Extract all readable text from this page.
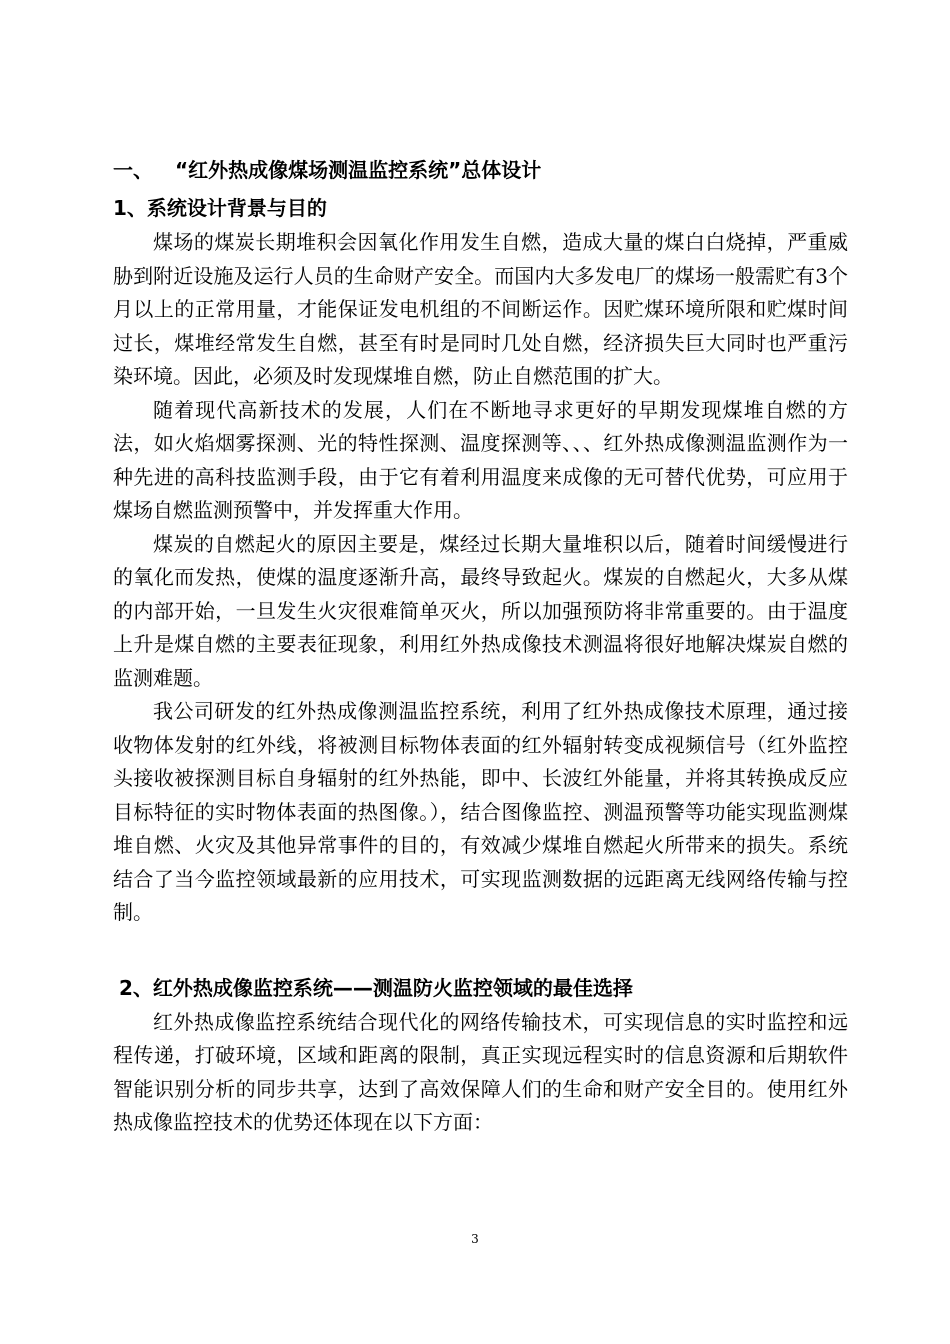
一、 “红外热成像煤场测温监控系统”总体设计
1、系统设计背景与目的

煤场的煤炭长期堆积会因氧化作用发生自燃，造成大量的煤白白烧掉，严重威胁到附近设施及运行人员的生命财产安全。而国内大多发电厂的煤场一般需贮有3个月以上的正常用量，才能保证发电机组的不间断运作。因贮煤环境所限和贮煤时间过长，煤堆经常发生自燃，甚至有时是同时几处自燃，经济损失巨大同时也严重污染环境。因此，必须及时发现煤堆自燃，防止自燃范围的扩大。

随着现代高新技术的发展，人们在不断地寻求更好的早期发现煤堆自燃的方法，如火焰烟雾探测、光的特性探测、温度探测等、、、红外热成像测温监测作为一种先进的高科技监测手段，由于它有着利用温度来成像的无可替代优势，可应用于煤场自燃监测预警中，并发挥重大作用。

煤炭的自燃起火的原因主要是，煤经过长期大量堆积以后，随着时间缓慢进行的氧化而发热，使煤的温度逐渐升高，最终导致起火。煤炭的自燃起火，大多从煤的内部开始，一旦发生火灾很难简单灭火，所以加强预防将非常重要的。由于温度上升是煤自燃的主要表征现象，利用红外热成像技术测温将很好地解决煤炭自燃的监测难题。

我公司研发的红外热成像测温监控系统，利用了红外热成像技术原理，通过接收物体发射的红外线，将被测目标物体表面的红外辐射转变成视频信号（红外监控头接收被探测目标自身辐射的红外热能，即中、长波红外能量，并将其转换成反应目标特征的实时物体表面的热图像。），结合图像监控、测温预警等功能实现监测煤堆自燃、火灾及其他异常事件的目的，有效减少煤堆自燃起火所带来的损失。系统结合了当今监控领域最新的应用技术，可实现监测数据的远距离无线网络传输与控制。

2、红外热成像监控系统——测温防火监控领域的最佳选择

红外热成像监控系统结合现代化的网络传输技术，可实现信息的实时监控和远程传递，打破环境，区域和距离的限制，真正实现远程实时的信息资源和后期软件智能识别分析的同步共享，达到了高效保障人们的生命和财产安全目的。使用红外热成像监控技术的优势还体现在以下方面：

3
